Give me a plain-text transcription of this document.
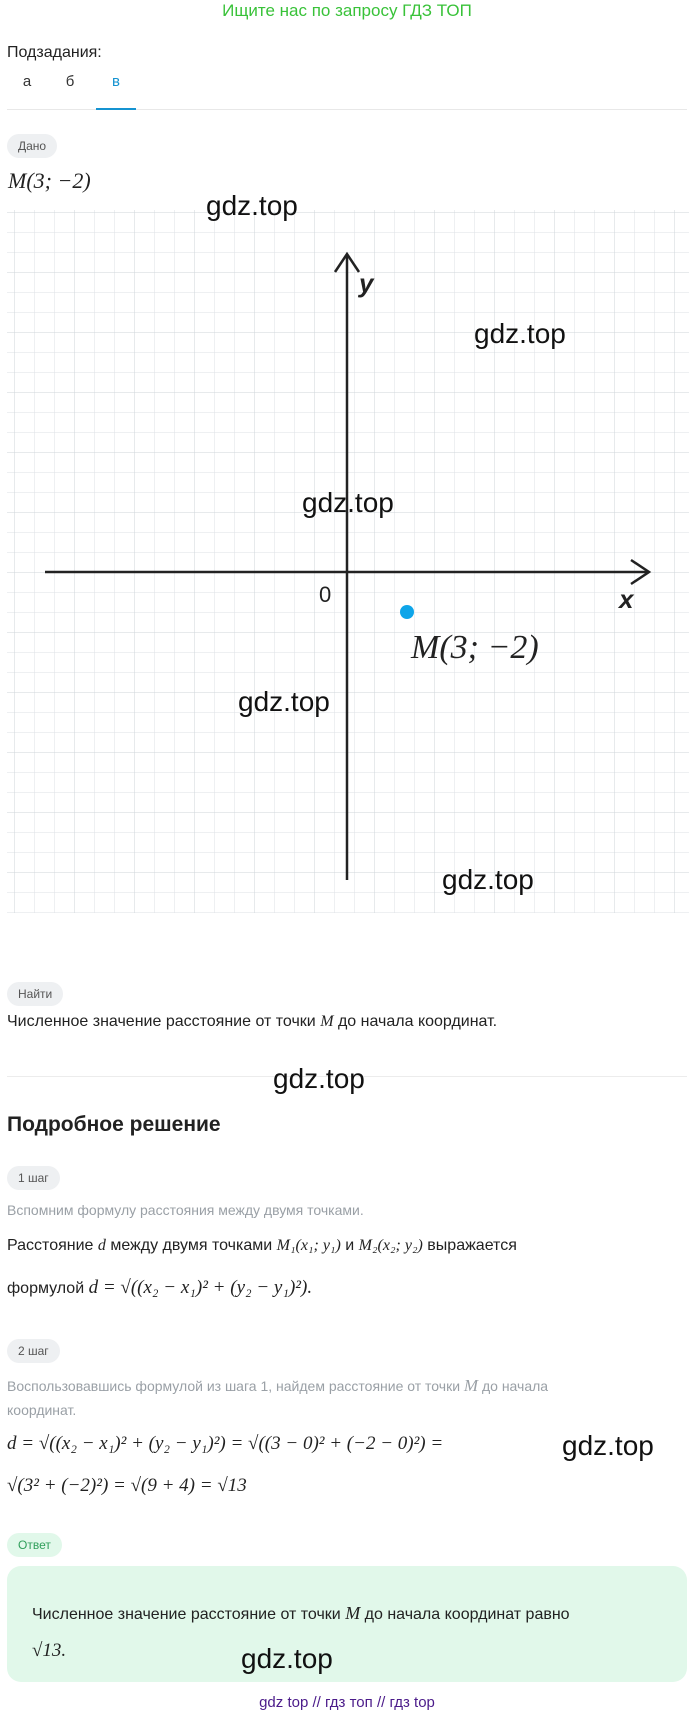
Ищите нас по запросу ГДЗ ТОП
Подзадания:
а	б	в
Дано
M(3; −2)
x
y
0
M(3; −2)
Найти
Численное значение расстояние от точки M до начала координат.
Подробное решение
1 шаг
Вспомним формулу расстояния между двумя точками.
Расстояние d между двумя точками M₁(x₁; y₁) и M₂(x₂; y₂) выражается
формулой d = √((x₂ − x₁)² + (y₂ − y₁)²).
2 шаг
Воспользовавшись формулой из шага 1, найдем расстояние от точки M до начала
координат.
d = √((x₂ − x₁)² + (y₂ − y₁)²) = √((3 − 0)² + (−2 − 0)²) =
√(3² + (−2)²) = √(9 + 4) = √13
Ответ
Численное значение расстояние от точки M до начала координат равно
√13.
gdz.top
gdz.top
gdz.top
gdz.top
gdz.top
gdz.top
gdz.top
gdz.top
gdz top // гдз топ // гдз top
